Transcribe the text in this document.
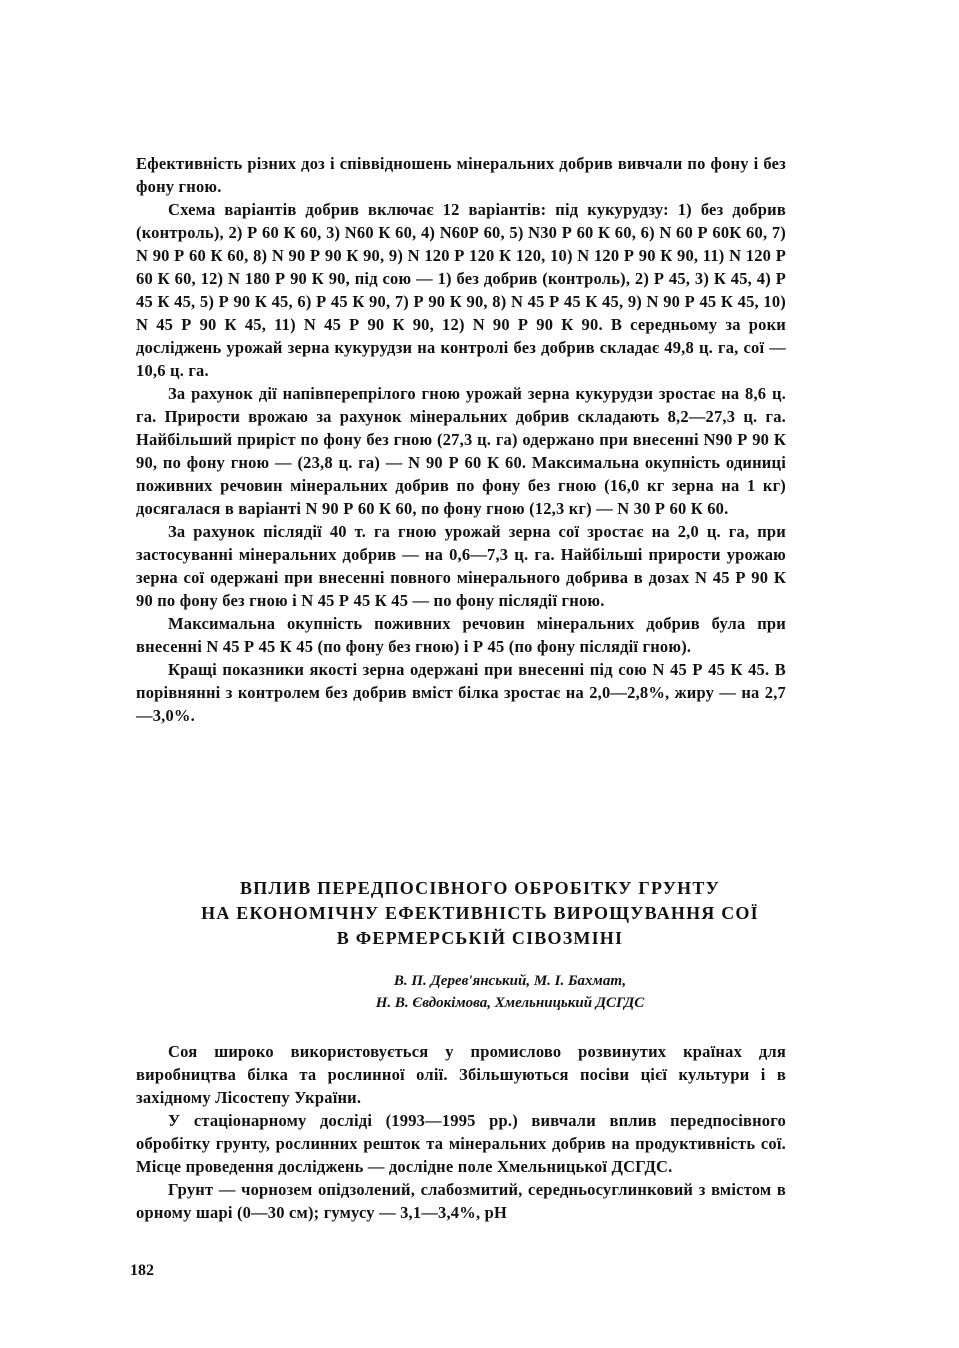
Ефективність різних доз і співвідношень мінеральних добрив вивчали по фону і без фону гною.

Схема варіантів добрив включає 12 варіантів: під кукурудзу: 1) без добрив (контроль), 2) Р 60 К 60, 3) N60 К 60, 4) N60Р 60, 5) N30 Р 60 К 60, 6) N 60 Р 60К 60, 7) N 90 Р 60 К 60, 8) N 90 Р 90 К 90, 9) N 120 Р 120 К 120, 10) N 120 Р 90 К 90, 11) N 120 Р 60 К 60, 12) N 180 Р 90 К 90, під сою — 1) без добрив (контроль), 2) Р 45, 3) К 45, 4) Р 45 К 45, 5) Р 90 К 45, 6) Р 45 К 90, 7) Р 90 К 90, 8) N 45 Р 45 К 45, 9) N 90 Р 45 К 45, 10) N 45 Р 90 К 45, 11) N 45 Р 90 К 90, 12) N 90 Р 90 К 90. В середньому за роки досліджень урожай зерна кукурудзи на контролі без добрив складає 49,8 ц. га, сої — 10,6 ц. га.

За рахунок дії напівперепрілого гною урожай зерна кукурудзи зростає на 8,6 ц. га. Прирости врожаю за рахунок мінеральних добрив складають 8,2—27,3 ц. га. Найбільший приріст по фону без гною (27,3 ц. га) одержано при внесенні N90 Р 90 К 90, по фону гною — (23,8 ц. га) — N 90 Р 60 К 60. Максимальна окупність одиниці поживних речовин мінеральних добрив по фону без гною (16,0 кг зерна на 1 кг) досягалася в варіанті N 90 Р 60 К 60, по фону гною (12,3 кг) — N 30 Р 60 К 60.

За рахунок післядії 40 т. га гною урожай зерна сої зростає на 2,0 ц. га, при застосуванні мінеральних добрив — на 0,6—7,3 ц. га. Найбільші прирости урожаю зерна сої одержані при внесенні повного мінерального добрива в дозах N 45 Р 90 К 90 по фону без гною і N 45 Р 45 К 45 — по фону післядії гною.

Максимальна окупність поживних речовин мінеральних добрив була при внесенні N 45 Р 45 К 45 (по фону без гною) і Р 45 (по фону післядії гною).

Кращі показники якості зерна одержані при внесенні під сою N 45 Р 45 К 45. В порівнянні з контролем без добрив вміст білка зростає на 2,0—2,8%, жиру — на 2,7—3,0%.

ВПЛИВ ПЕРЕДПОСІВНОГО ОБРОБІТКУ ГРУНТУ
НА ЕКОНОМІЧНУ ЕФЕКТИВНІСТЬ ВИРОЩУВАННЯ СОЇ
В ФЕРМЕРСЬКІЙ СІВОЗМІНІ
В. П. Дерев'янський, М. І. Бахмат,
Н. В. Євдокімова, Хмельницький ДСГДС

Соя широко використовується у промислово розвинутих країнах для виробництва білка та рослинної олії. Збільшуються посіви цієї культури і в західному Лісостепу України.

У стаціонарному досліді (1993—1995 рр.) вивчали вплив передпосівного обробітку грунту, рослинних решток та мінеральних добрив на продуктивність сої. Місце проведення досліджень — дослідне поле Хмельницької ДСГДС.

Грунт — чорнозем опідзолений, слабозмитий, середньосуглинковий з вмістом в орному шарі (0—30 см); гумусу — 3,1—3,4%, рН

182
